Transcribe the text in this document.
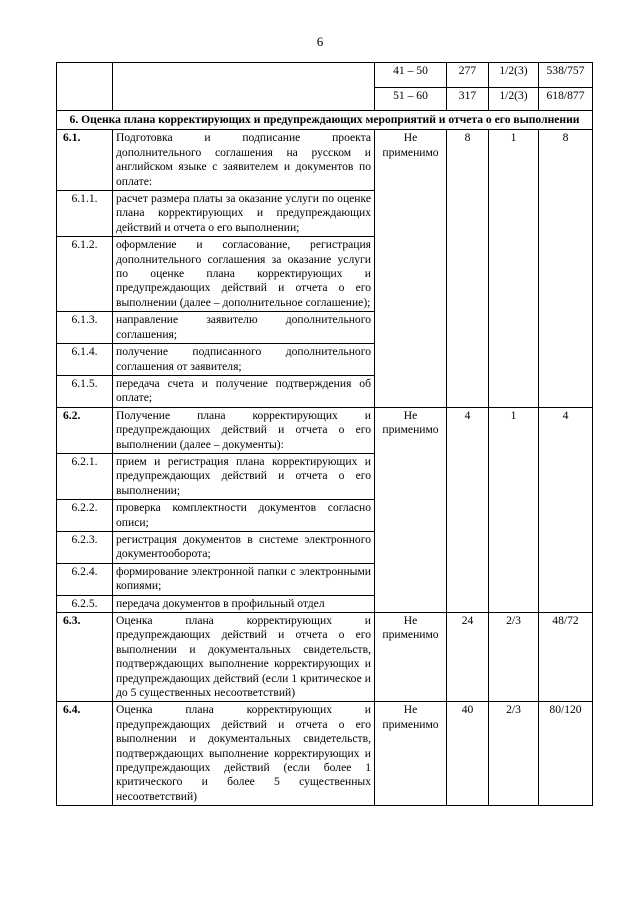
6
		41 – 50	277	1/2(3)	538/757
		51 – 60	317	1/2(3)	618/877
6. Оценка плана корректирующих и предупреждающих мероприятий и отчета о его выполнении					
6.1.	Подготовка и подписание проекта дополнительного соглашения на русском и английском языке с заявителем и документов по оплате:	Не применимо	8	1	8
6.1.1.	расчет размера платы за оказание услуги по оценке плана корректирующих и предупреждающих действий и отчета о его выполнении;				
6.1.2.	оформление и согласование, регистрация дополнительного соглашения за оказание услуги по оценке плана корректирующих и предупреждающих действий и отчета о его выполнении (далее – дополнительное соглашение);				
6.1.3.	направление заявителю дополнительного соглашения;				
6.1.4.	получение подписанного дополнительного соглашения от заявителя;				
6.1.5.	передача счета и получение подтверждения об оплате;				
6.2.	Получение плана корректирующих и предупреждающих действий и отчета о его выполнении (далее – документы):	Не применимо	4	1	4
6.2.1.	прием и регистрация плана корректирующих и предупреждающих действий и отчета о его выполнении;				
6.2.2.	проверка комплектности документов согласно описи;				
6.2.3.	регистрация документов в системе электронного документооборота;				
6.2.4.	формирование электронной папки с электронными копиями;				
6.2.5.	передача документов в профильный отдел				
6.3.	Оценка плана корректирующих и предупреждающих действий и отчета о его выполнении и документальных свидетельств, подтверждающих выполнение корректирующих и предупреждающих действий (если 1 критическое и до 5 существенных несоответствий)	Не применимо	24	2/3	48/72
6.4.	Оценка плана корректирующих и предупреждающих действий и отчета о его выполнении и документальных свидетельств, подтверждающих выполнение корректирующих и предупреждающих действий (если более 1 критического и более 5 существенных несоответствий)	Не применимо	40	2/3	80/120
